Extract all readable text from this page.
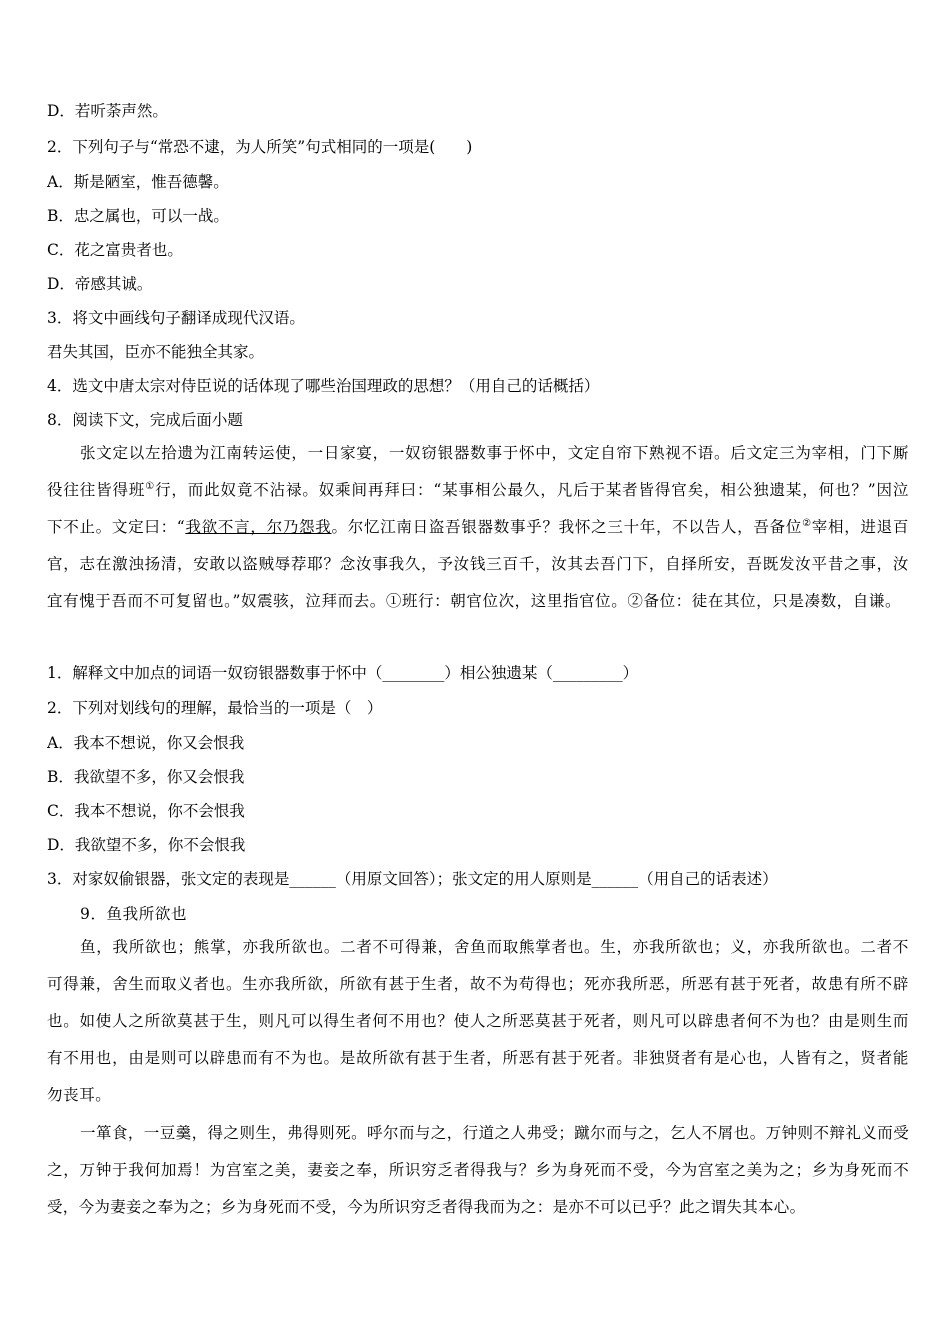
D．若听荼声然。
2．下列句子与“常恐不逮，为人所笑”句式相同的一项是(　　)
A．斯是陋室，惟吾德馨。
B．忠之属也，可以一战。
C．花之富贵者也。
D．帝感其诚。
3．将文中画线句子翻译成现代汉语。
君失其国，臣亦不能独全其家。
4．选文中唐太宗对侍臣说的话体现了哪些治国理政的思想？（用自己的话概括）
8．阅读下文，完成后面小题
张文定以左拾遗为江南转运使，一日家宴，一奴窃银器数事于怀中，文定自帘下熟视不语。后文定三为宰相，门下厮役往往皆得班①行，而此奴竟不沾禄。奴乘间再拜曰：“某事相公最久，凡后于某者皆得官矣，相公独遗某，何也？”因泣下不止。文定曰：“我欲不言，尔乃怨我。尔忆江南日盗吾银器数事乎？我怀之三十年，不以告人，吾备位②宰相，进退百官，志在激浊扬清，安敢以盗贼辱荐耶？念汝事我久，予汝钱三百千，汝其去吾门下，自择所安，吾既发汝平昔之事，汝宜有愧于吾而不可复留也。”奴震骇，泣拜而去。①班行：朝官位次，这里指官位。②备位：徒在其位，只是凑数，自谦。
1．解释文中加点的词语一奴窃银器数事于怀中（________）相公独遗某（_________）
2．下列对划线句的理解，最恰当的一项是（　）
A．我本不想说，你又会恨我
B．我欲望不多，你又会恨我
C．我本不想说，你不会恨我
D．我欲望不多，你不会恨我
3．对家奴偷银器，张文定的表现是______（用原文回答）；张文定的用人原则是______（用自己的话表述）
9．鱼我所欲也
鱼，我所欲也；熊掌，亦我所欲也。二者不可得兼，舍鱼而取熊掌者也。生，亦我所欲也；义，亦我所欲也。二者不可得兼，舍生而取义者也。生亦我所欲，所欲有甚于生者，故不为苟得也；死亦我所恶，所恶有甚于死者，故患有所不辟也。如使人之所欲莫甚于生，则凡可以得生者何不用也？使人之所恶莫甚于死者，则凡可以辟患者何不为也？由是则生而有不用也，由是则可以辟患而有不为也。是故所欲有甚于生者，所恶有甚于死者。非独贤者有是心也，人皆有之，贤者能勿丧耳。
一箪食，一豆羹，得之则生，弗得则死。呼尔而与之，行道之人弗受；蹴尔而与之，乞人不屑也。万钟则不辩礼义而受之，万钟于我何加焉！为宫室之美，妻妾之奉，所识穷乏者得我与？乡为身死而不受，今为宫室之美为之；乡为身死而不受，今为妻妾之奉为之；乡为身死而不受，今为所识穷乏者得我而为之：是亦不可以已乎？此之谓失其本心。
